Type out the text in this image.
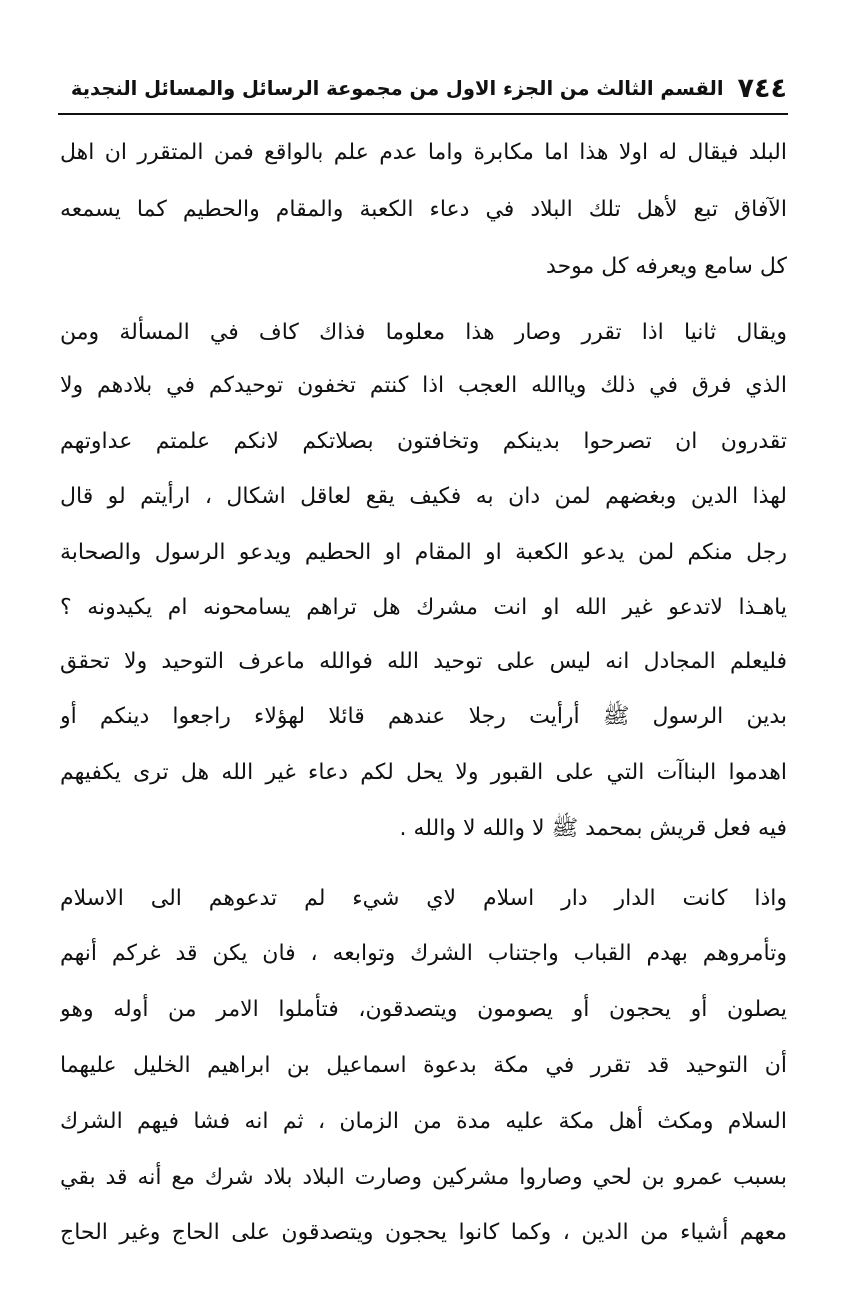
٧٤٤
القسم الثالث من الجزء الاول من مجموعة الرسائل والمسائل النجدية
البلد فيقال له اولا هذا اما مكابرة واما عدم علم بالواقع فمن المتقرر ان اهل
الآفاق تبع لأهل تلك البلاد في دعاء الكعبة والمقام والحطيم كما يسمعه
كل سامع ويعرفه كل موحد
ويقال ثانيا اذا تقرر وصار هذا معلوما فذاك كاف في المسألة ومن
الذي فرق في ذلك وياالله العجب اذا كنتم تخفون توحيدكم في بلادهم ولا
تقدرون ان تصرحوا بدينكم وتخافتون بصلاتكم لانكم علمتم عداوتهم
لهذا الدين وبغضهم لمن دان به فكيف يقع لعاقل اشكال ، ارأيتم لو قال
رجل منكم لمن يدعو الكعبة او المقام او الحطيم ويدعو الرسول والصحابة
ياهـذا لاتدعو غير الله او انت مشرك هل تراهم يسامحونه ام يكيدونه ؟
فليعلم المجادل انه ليس على توحيد الله فوالله ماعرف التوحيد ولا تحقق
بدين الرسول ﷺ أرأيت رجلا عندهم قائلا لهؤلاء راجعوا دينكم أو
اهدموا البناآت التي على القبور ولا يحل لكم دعاء غير الله هل ترى يكفيهم
فيه فعل قريش بمحمد ﷺ لا والله لا والله .
واذا كانت الدار دار اسلام لاي شيء لم تدعوهم الى الاسلام
وتأمروهم بهدم القباب واجتناب الشرك وتوابعه ، فان يكن قد غركم أنهم
يصلون أو يحجون أو يصومون ويتصدقون، فتأملوا الامر من أوله وهو
أن التوحيد قد تقرر في مكة بدعوة اسماعيل بن ابراهيم الخليل عليهما
السلام ومكث أهل مكة عليه مدة من الزمان ، ثم انه فشا فيهم الشرك
بسبب عمرو بن لحي وصاروا مشركين وصارت البلاد بلاد شرك مع أنه قد بقي
معهم أشياء من الدين ، وكما كانوا يحجون ويتصدقون على الحاج وغير الحاج
